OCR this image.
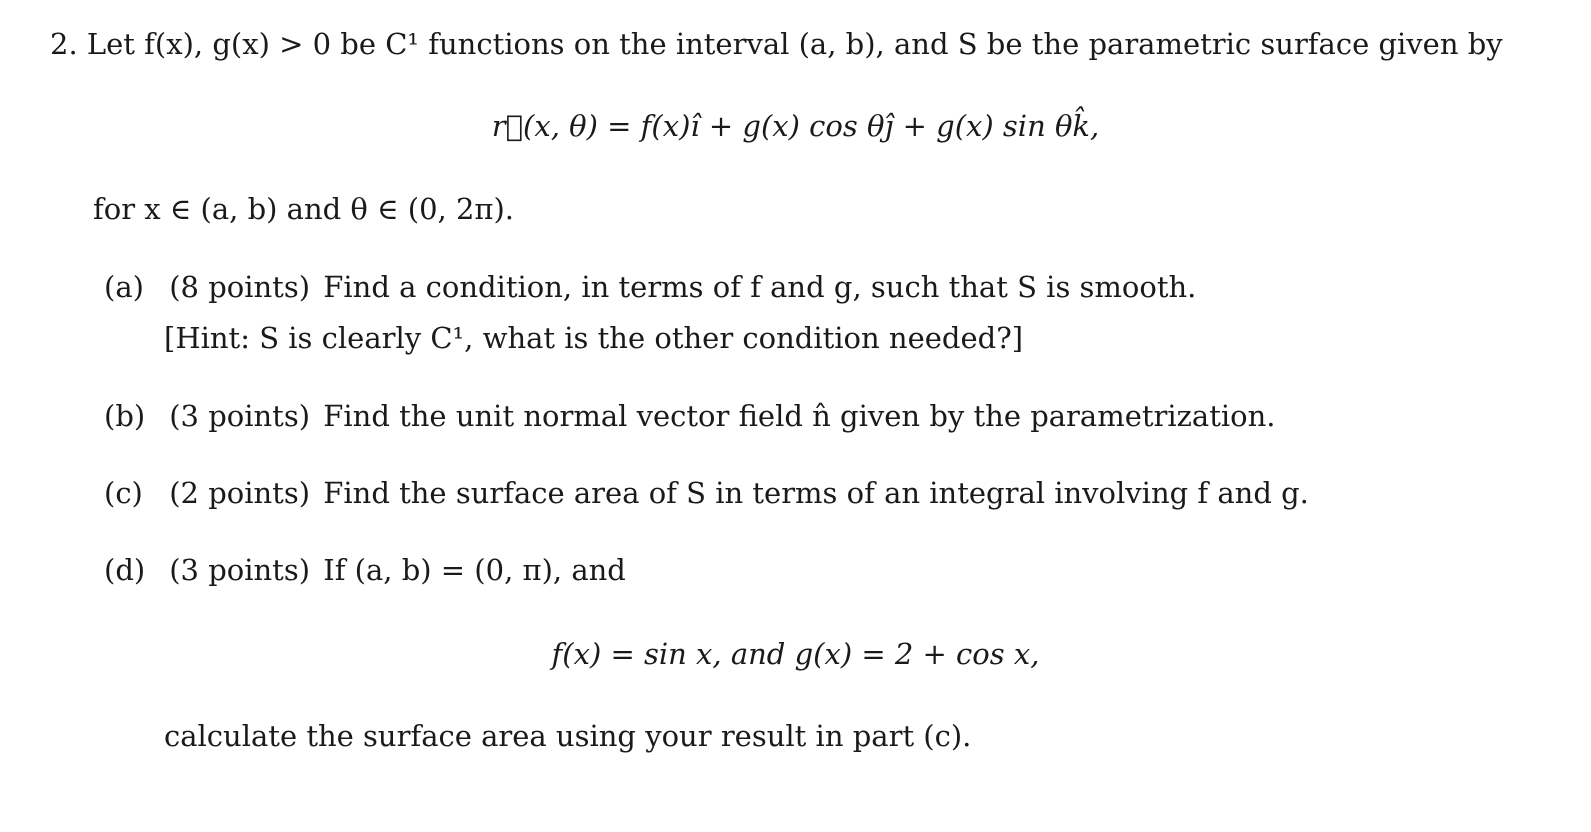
2. Let f(x), g(x) > 0 be C¹ functions on the interval (a, b), and S be the parametric surface given by
r⃗(x, θ) = f(x)î + g(x) cos θĵ + g(x) sin θk̂,
for x ∈ (a, b) and θ ∈ (0, 2π).
(a) (8 points) Find a condition, in terms of f and g, such that S is smooth.
[Hint: S is clearly C¹, what is the other condition needed?]
(b) (3 points) Find the unit normal vector field n̂ given by the parametrization.
(c) (2 points) Find the surface area of S in terms of an integral involving f and g.
(d) (3 points) If (a, b) = (0, π), and
f(x) = sin x, and g(x) = 2 + cos x,
calculate the surface area using your result in part (c).
